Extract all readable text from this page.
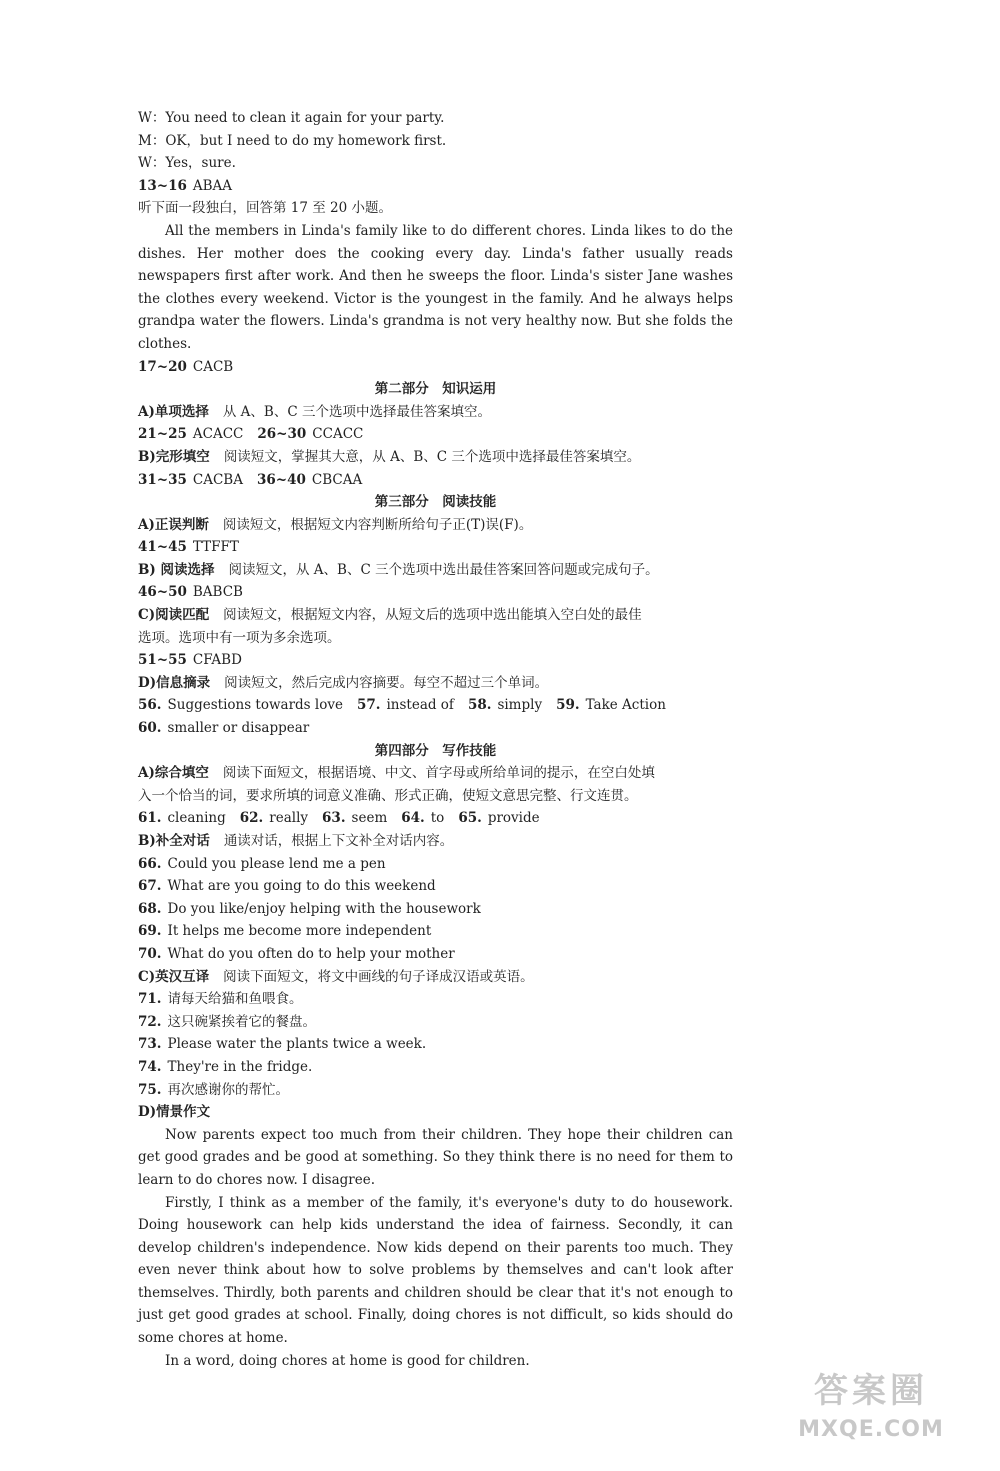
W：You need to clean it again for your party.
M：OK，but I need to do my homework first.
W：Yes，sure.
13~16 ABAA
听下面一段独白，回答第 17 至 20 小题。
All the members in Linda's family like to do different chores. Linda likes to do the dishes. Her mother does the cooking every day. Linda's father usually reads newspapers first after work. And then he sweeps the floor. Linda's sister Jane washes the clothes every weekend. Victor is the youngest in the family. And he always helps grandpa water the flowers. Linda's grandma is not very healthy now. But she folds the clothes.
17~20 CACB
第二部分　知识运用
A)单项选择 从 A、B、C 三个选项中选择最佳答案填空。
21~25 ACACC 26~30 CCACC
B)完形填空 阅读短文，掌握其大意，从 A、B、C 三个选项中选择最佳答案填空。
31~35 CACBA 36~40 CBCAA
第三部分　阅读技能
A)正误判断 阅读短文，根据短文内容判断所给句子正(T)误(F)。
41~45 TTFFT
B) 阅读选择 阅读短文，从 A、B、C 三个选项中选出最佳答案回答问题或完成句子。
46~50 BABCB
C)阅读匹配 阅读短文，根据短文内容，从短文后的选项中选出能填入空白处的最佳
选项。选项中有一项为多余选项。
51~55 CFABD
D)信息摘录 阅读短文，然后完成内容摘要。每空不超过三个单词。
56. Suggestions towards love 57. instead of 58. simply 59. Take Action
60. smaller or disappear
第四部分　写作技能
A)综合填空 阅读下面短文，根据语境、中文、首字母或所给单词的提示，在空白处填
入一个恰当的词，要求所填的词意义准确、形式正确，使短文意思完整、行文连贯。
61. cleaning 62. really 63. seem 64. to 65. provide
B)补全对话 通读对话，根据上下文补全对话内容。
66. Could you please lend me a pen
67. What are you going to do this weekend
68. Do you like/enjoy helping with the housework
69. It helps me become more independent
70. What do you often do to help your mother
C)英汉互译 阅读下面短文，将文中画线的句子译成汉语或英语。
71. 请每天给猫和鱼喂食。
72. 这只碗紧挨着它的餐盘。
73. Please water the plants twice a week.
74. They're in the fridge.
75. 再次感谢你的帮忙。
D)情景作文
Now parents expect too much from their children. They hope their children can get good grades and be good at something. So they think there is no need for them to learn to do chores now. I disagree.
Firstly, I think as a member of the family, it's everyone's duty to do housework. Doing housework can help kids understand the idea of fairness. Secondly, it can develop children's independence. Now kids depend on their parents too much. They even never think about how to solve problems by themselves and can't look after themselves. Thirdly, both parents and children should be clear that it's not enough to just get good grades at school. Finally, doing chores is not difficult, so kids should do some chores at home.
In a word, doing chores at home is good for children.
答案圈
MXQE.COM
